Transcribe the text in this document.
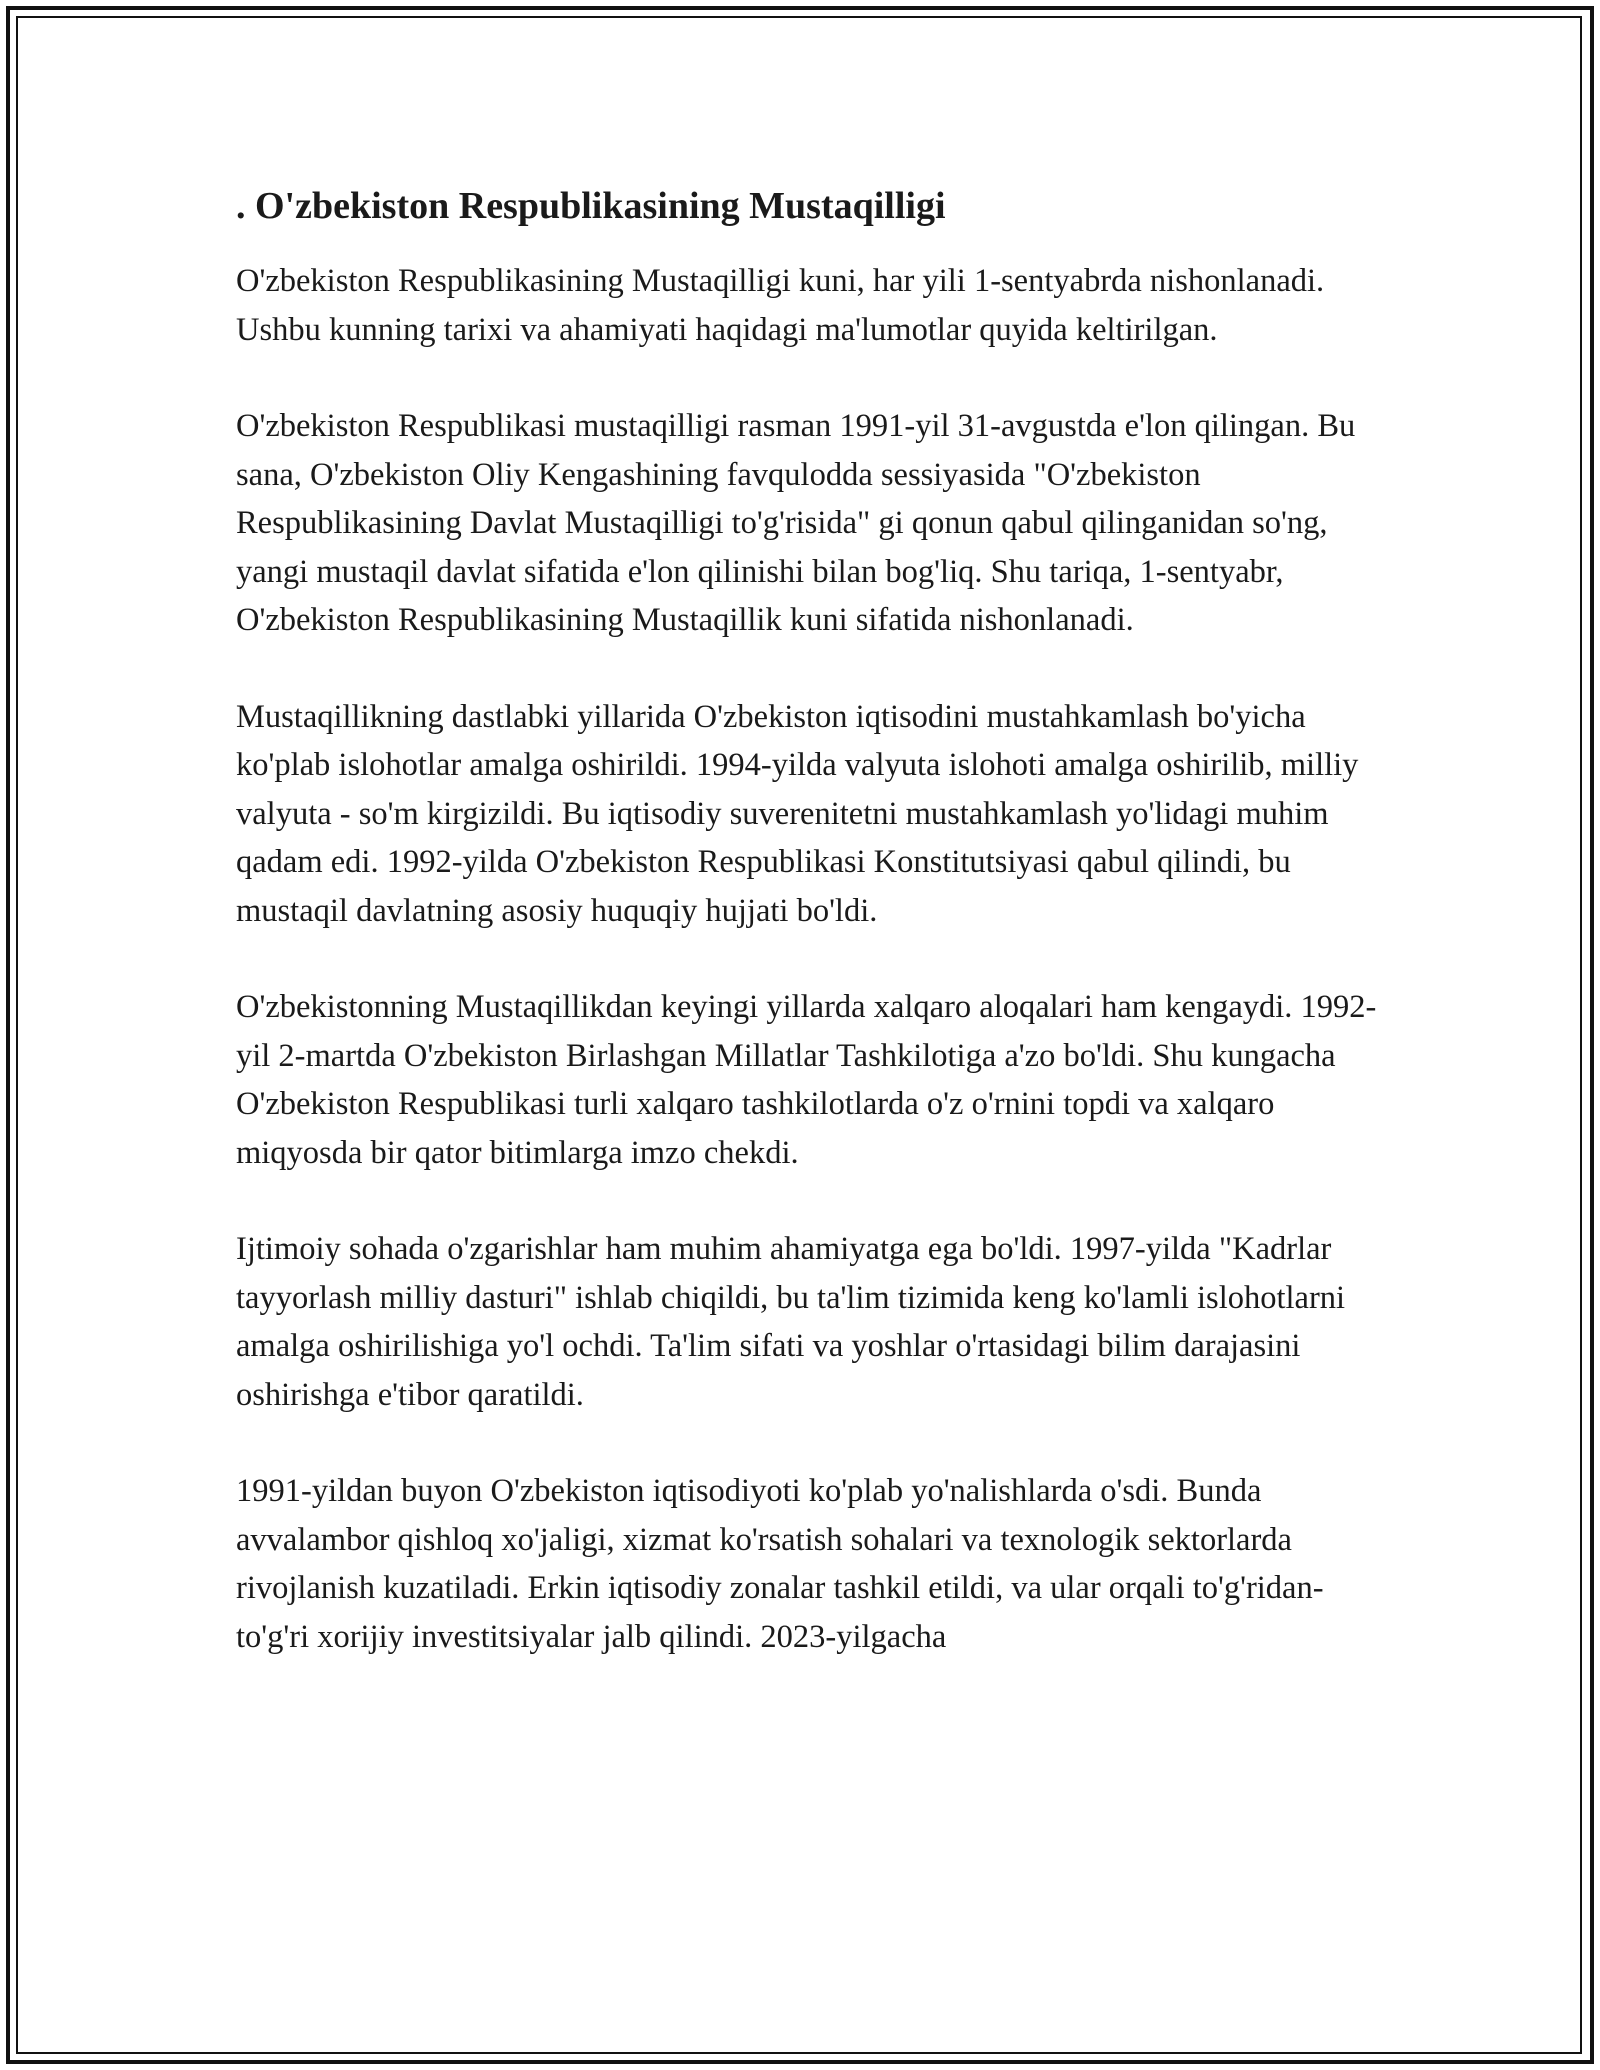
. O'zbekiston Respublikasining Mustaqilligi

O'zbekiston Respublikasining Mustaqilligi kuni, har yili 1-sentyabrda nishonlanadi. Ushbu kunning tarixi va ahamiyati haqidagi ma'lumotlar quyida keltirilgan.

O'zbekiston Respublikasi mustaqilligi rasman 1991-yil 31-avgustda e'lon qilingan. Bu sana, O'zbekiston Oliy Kengashining favqulodda sessiyasida "O'zbekiston Respublikasining Davlat Mustaqilligi to'g'risida" gi qonun qabul qilinganidan so'ng, yangi mustaqil davlat sifatida e'lon qilinishi bilan bog'liq. Shu tariqa, 1-sentyabr, O'zbekiston Respublikasining Mustaqillik kuni sifatida nishonlanadi.

Mustaqillikning dastlabki yillarida O'zbekiston iqtisodini mustahkamlash bo'yicha ko'plab islohotlar amalga oshirildi. 1994-yilda valyuta islohoti amalga oshirilib, milliy valyuta - so'm kirgizildi. Bu iqtisodiy suverenitetni mustahkamlash yo'lidagi muhim qadam edi. 1992-yilda O'zbekiston Respublikasi Konstitutsiyasi qabul qilindi, bu mustaqil davlatning asosiy huquqiy hujjati bo'ldi.

O'zbekistonning Mustaqillikdan keyingi yillarda xalqaro aloqalari ham kengaydi. 1992-yil 2-martda O'zbekiston Birlashgan Millatlar Tashkilotiga a'zo bo'ldi. Shu kungacha O'zbekiston Respublikasi turli xalqaro tashkilotlarda o'z o'rnini topdi va xalqaro miqyosda bir qator bitimlarga imzo chekdi.

Ijtimoiy sohada o'zgarishlar ham muhim ahamiyatga ega bo'ldi. 1997-yilda "Kadrlar tayyorlash milliy dasturi" ishlab chiqildi, bu ta'lim tizimida keng ko'lamli islohotlarni amalga oshirilishiga yo'l ochdi. Ta'lim sifati va yoshlar o'rtasidagi bilim darajasini oshirishga e'tibor qaratildi.

1991-yildan buyon O'zbekiston iqtisodiyoti ko'plab yo'nalishlarda o'sdi. Bunda avvalambor qishloq xo'jaligi, xizmat ko'rsatish sohalari va texnologik sektorlarda rivojlanish kuzatiladi. Erkin iqtisodiy zonalar tashkil etildi, va ular orqali to'g'ridan-to'g'ri xorijiy investitsiyalar jalb qilindi. 2023-yilgacha
